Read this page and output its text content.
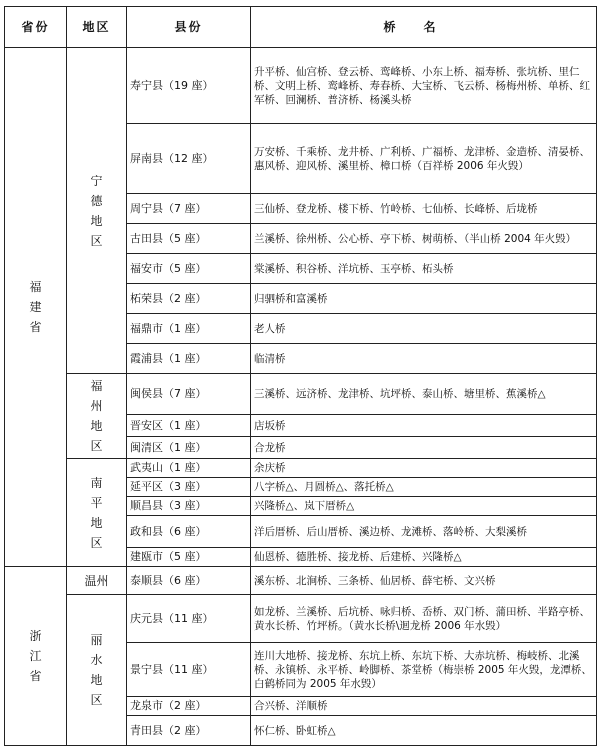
省份	地区	县份	桥名
福建省	宁德地区	寿宁县（19 座）	升平桥、仙宫桥、登云桥、鸾峰桥、小东上桥、福寿桥、张坑桥、里仁桥、文明上桥、鸾峰桥、寿春桥、大宝桥、飞云桥、杨梅州桥、单桥、红军桥、回澜桥、普济桥、杨溪头桥
		屏南县（12 座）	万安桥、千乘桥、龙井桥、广利桥、广福桥、龙津桥、金造桥、清晏桥、惠风桥、迎风桥、溪里桥、樟口桥（百祥桥 2006 年火毁）
		周宁县（7 座）	三仙桥、登龙桥、楼下桥、竹岭桥、七仙桥、长峰桥、后垅桥
		古田县（5 座）	兰溪桥、徐州桥、公心桥、亭下桥、树萌桥、（半山桥 2004 年火毁）
		福安市（5 座）	棠溪桥、积谷桥、洋坑桥、玉亭桥、柘头桥
		柘荣县（2 座）	归驷桥和富溪桥
		福鼎市（1 座）	老人桥
		霞浦县（1 座）	临清桥
	福州地区	闽侯县（7 座）	三溪桥、远济桥、龙津桥、坑坪桥、泰山桥、塘里桥、蕉溪桥△
		晋安区（1 座）	店坂桥
		闽清区（1 座）	合龙桥
	南平地区	武夷山（1 座）	余庆桥
		延平区（3 座）	八字桥△、月圆桥△、落托桥△
		顺昌县（3 座）	兴隆桥△、岚下厝桥△
		政和县（6 座）	洋后厝桥、后山厝桥、溪边桥、龙滩桥、落岭桥、大梨溪桥
		建瓯市（5 座）	仙恩桥、德胜桥、接龙桥、后建桥、兴隆桥△
浙江省	温州	泰顺县（6 座）	溪东桥、北涧桥、三条桥、仙居桥、薛宅桥、文兴桥
	丽水地区	庆元县（11 座）	如龙桥、兰溪桥、后坑桥、咏归桥、岙桥、双门桥、蒲田桥、半路亭桥、黄水长桥、竹坪桥。（黄水长桥\迴龙桥 2006 年水毁）
		景宁县（11 座）	连川大地桥、接龙桥、东坑上桥、东坑下桥、大赤坑桥、梅岐桥、北溪桥、永镇桥、永平桥、岭脚桥、茶堂桥（梅崇桥 2005 年火毁，龙潭桥、白鹤桥同为 2005 年水毁）
		龙泉市（2 座）	合兴桥、洋顺桥
		青田县（2 座）	怀仁桥、卧虹桥△
